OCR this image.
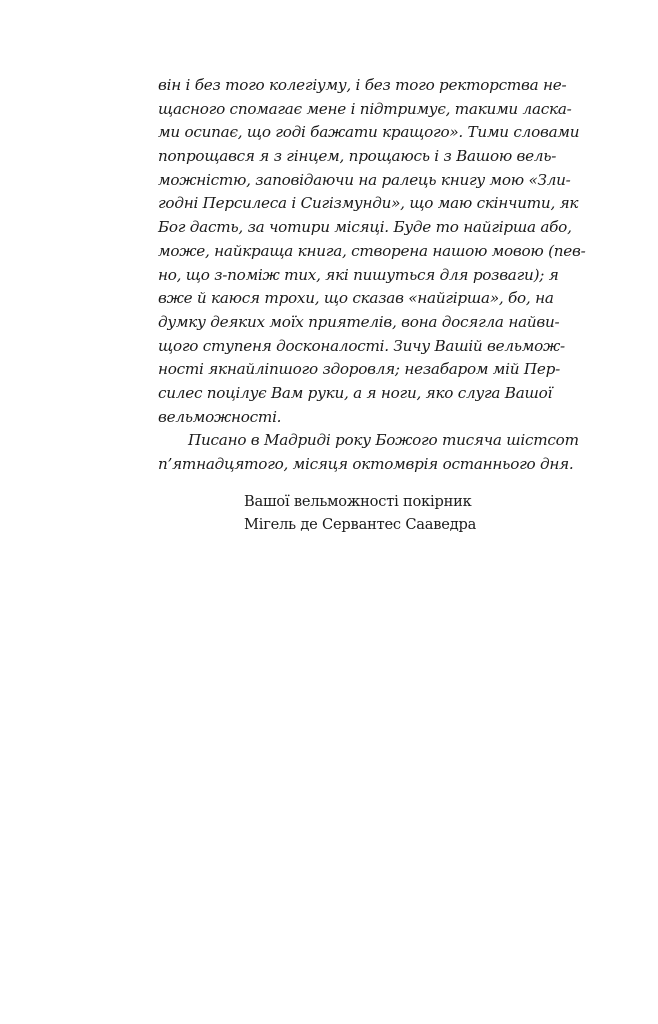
він і без того колегіуму, і без того ректорства не-
щасного спомагає мене і підтримує, такими ласка-
ми осипає, що годі бажати кращого». Тими словами
попрощався я з гінцем, прощаюсь і з Вашою вель-
можністю, заповідаючи на ралець книгу мою «Зли-
годні Персилеса і Сигізмунди», що маю скінчити, як
Бог дасть, за чотири місяці. Буде то найгірша або,
може, найкраща книга, створена нашою мовою (пев-
но, що з-поміж тих, які пишуться для розваги); я
вже й каюся трохи, що сказав «найгірша», бо, на
думку деяких моїх приятелів, вона досягла найви-
щого ступеня досконалості. Зичу Вашій вельмож-
ності якнайліпшого здоровля; незабаром мій Пер-
силес поцілує Вам руки, а я ноги, яко слуга Вашої
вельможності.
Писано в Мадриді року Божого тисяча шістсот
п’ятнадцятого, місяця октомврія останнього дня.
Вашої вельможності покірник
Мігель де Сервантес Сааведра
